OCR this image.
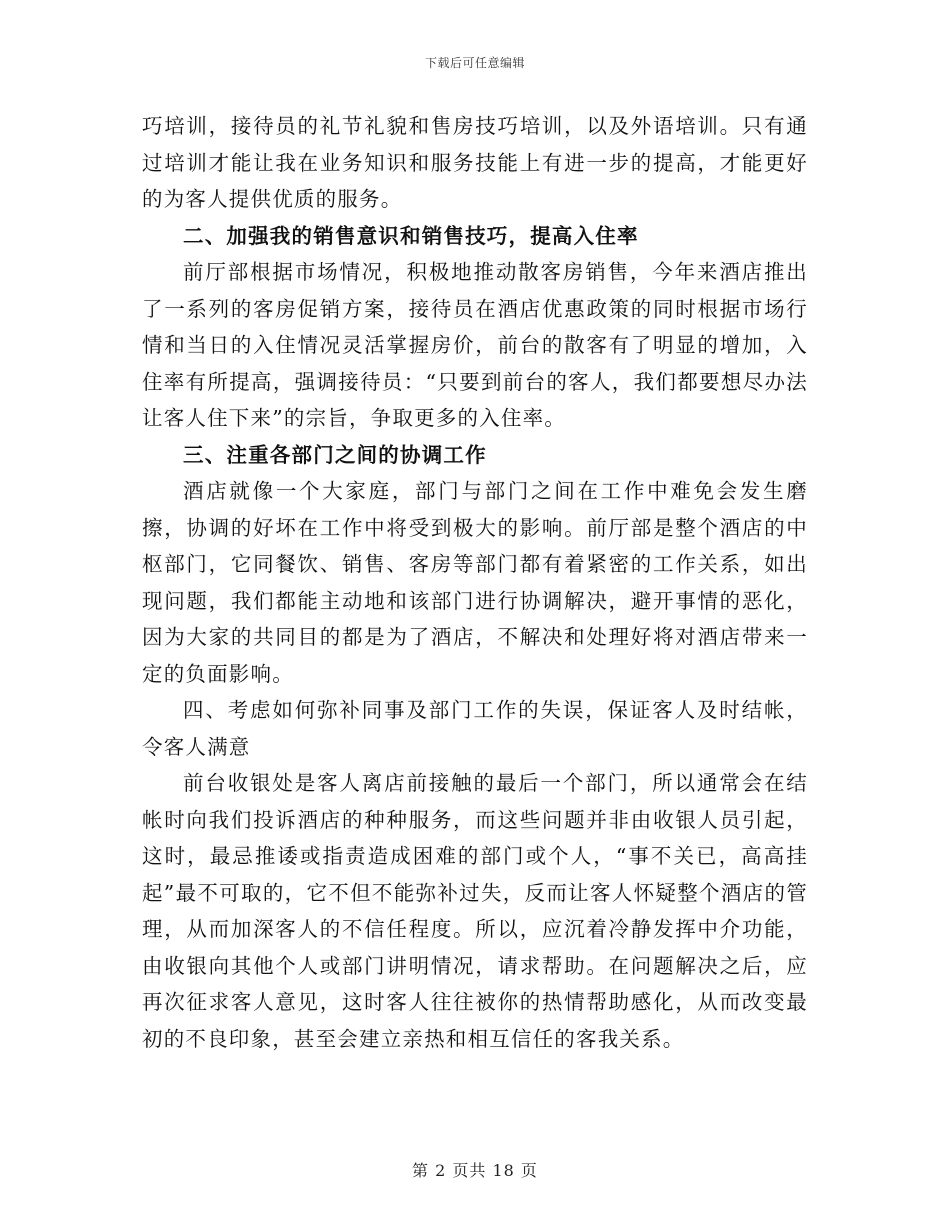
下载后可任意编辑

巧培训，接待员的礼节礼貌和售房技巧培训，以及外语培训。只有通过培训才能让我在业务知识和服务技能上有进一步的提高，才能更好的为客人提供优质的服务。

二、加强我的销售意识和销售技巧，提高入住率

前厅部根据市场情况，积极地推动散客房销售，今年来酒店推出了一系列的客房促销方案，接待员在酒店优惠政策的同时根据市场行情和当日的入住情况灵活掌握房价，前台的散客有了明显的增加，入住率有所提高，强调接待员：“只要到前台的客人，我们都要想尽办法让客人住下来”的宗旨，争取更多的入住率。

三、注重各部门之间的协调工作

酒店就像一个大家庭，部门与部门之间在工作中难免会发生磨擦，协调的好坏在工作中将受到极大的影响。前厅部是整个酒店的中枢部门，它同餐饮、销售、客房等部门都有着紧密的工作关系，如出现问题，我们都能主动地和该部门进行协调解决，避开事情的恶化，因为大家的共同目的都是为了酒店，不解决和处理好将对酒店带来一定的负面影响。

四、考虑如何弥补同事及部门工作的失误，保证客人及时结帐，令客人满意

前台收银处是客人离店前接触的最后一个部门，所以通常会在结帐时向我们投诉酒店的种种服务，而这些问题并非由收银人员引起，这时，最忌推诿或指责造成困难的部门或个人，“事不关已，高高挂起”最不可取的，它不但不能弥补过失，反而让客人怀疑整个酒店的管理，从而加深客人的不信任程度。所以，应沉着冷静发挥中介功能，由收银向其他个人或部门讲明情况，请求帮助。在问题解决之后，应再次征求客人意见，这时客人往往被你的热情帮助感化，从而改变最初的不良印象，甚至会建立亲热和相互信任的客我关系。

第 2 页共 18 页
